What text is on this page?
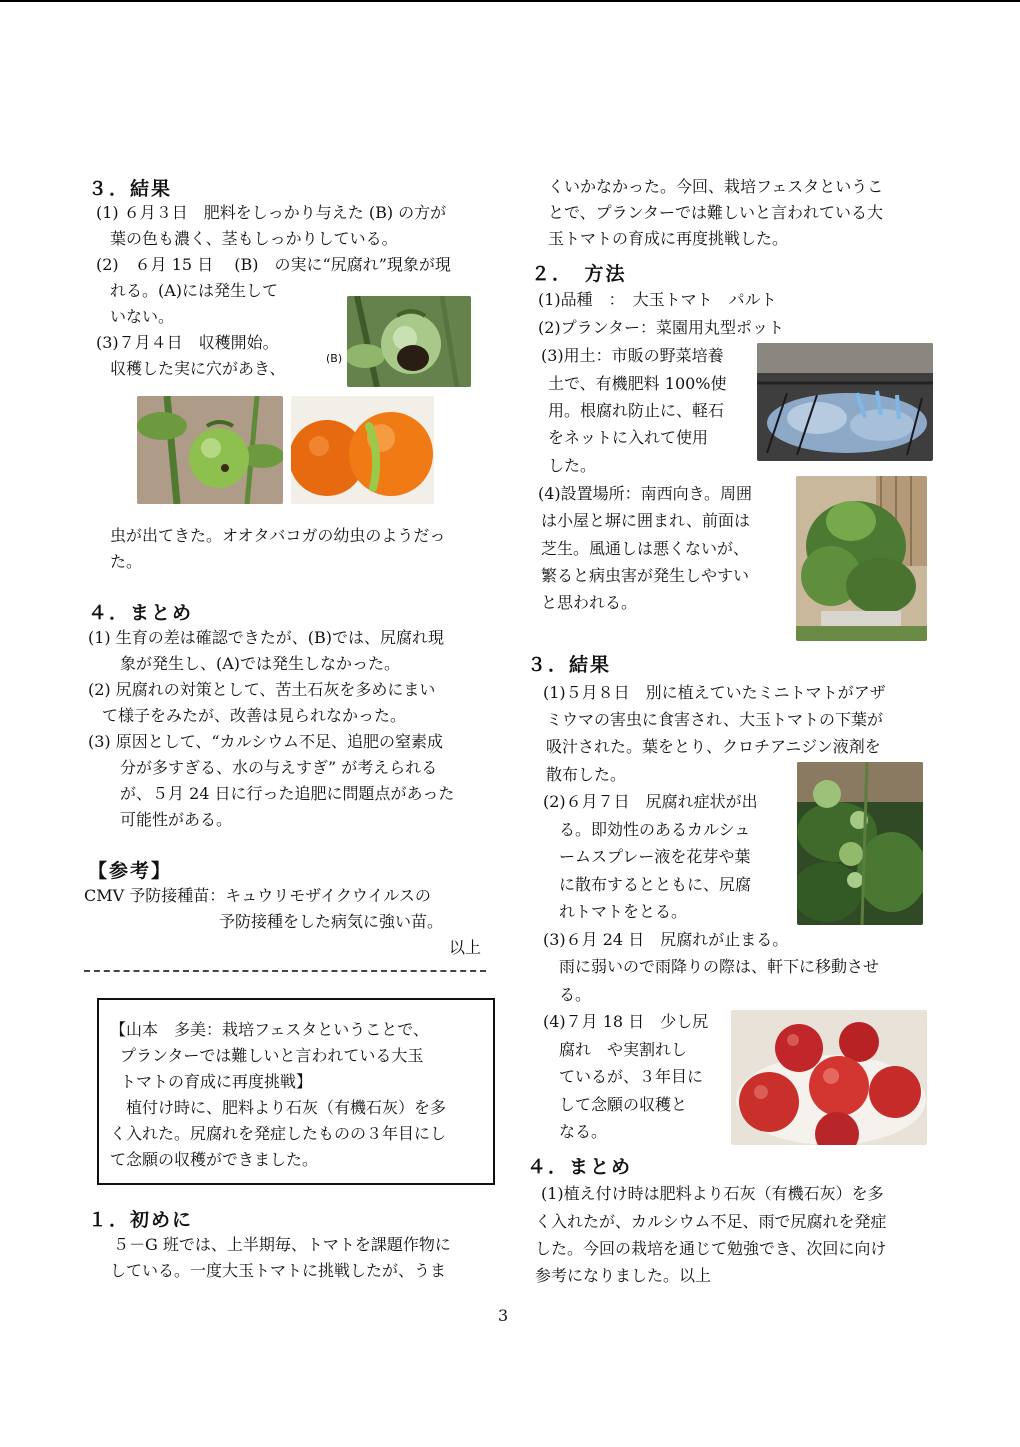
３．結果
(1) ６月３日　肥料をしっかり与えた (B) の方が
葉の色も濃く、茎もしっかりしている。
(2)　６月 15 日　 (B)　の実に“尻腐れ”現象が現
れる。(A)には発生して
いない。
(3)７月４日　収穫開始。
収穫した実に穴があき、
(B)
虫が出てきた。オオタバコガの幼虫のようだっ
た。
４．まとめ
(1) 生育の差は確認できたが、(B)では、尻腐れ現
象が発生し、(A)では発生しなかった。
(2) 尻腐れの対策として、苦土石灰を多めにまい
て様子をみたが、改善は見られなかった。
(3) 原因として、“カルシウム不足、追肥の窒素成
分が多すぎる、水の与えすぎ” が考えられる
が、５月 24 日に行った追肥に問題点があった
可能性がある。
【参考】
CMV 予防接種苗：キュウリモザイクウイルスの
予防接種をした病気に強い苗。
以上
【山本　多美：栽培フェスタということで、
プランターでは難しいと言われている大玉
トマトの育成に再度挑戦】
植付け時に、肥料より石灰（有機石灰）を多
く入れた。尻腐れを発症したものの３年目にし
て念願の収穫ができました。
１．初めに
５－G 班では、上半期毎、トマトを課題作物に
している。一度大玉トマトに挑戦したが、うま
くいかなかった。今回、栽培フェスタというこ
とで、プランターでは難しいと言われている大
玉トマトの育成に再度挑戦した。
２．　方法
(1)品種　：　大玉トマト　パルト
(2)プランター：菜園用丸型ポット
(3)用土：市販の野菜培養
土で、有機肥料 100%使
用。根腐れ防止に、軽石
をネットに入れて使用
した。
(4)設置場所：南西向き。周囲
は小屋と塀に囲まれ、前面は
芝生。風通しは悪くないが、
繁ると病虫害が発生しやすい
と思われる。
３．結果
(1)５月８日　別に植えていたミニトマトがアザ
ミウマの害虫に食害され、大玉トマトの下葉が
吸汁された。葉をとり、クロチアニジン液剤を
散布した。
(2)６月７日　尻腐れ症状が出
る。即効性のあるカルシュ
ームスプレー液を花芽や葉
に散布するとともに、尻腐
れトマトをとる。
(3)６月 24 日　尻腐れが止まる。
雨に弱いので雨降りの際は、軒下に移動させ
る。
(4)７月 18 日　少し尻
腐れ　や実割れし
ているが、３年目に
して念願の収穫と
なる。
４．まとめ
(1)植え付け時は肥料より石灰（有機石灰）を多
く入れたが、カルシウム不足、雨で尻腐れを発症
した。今回の栽培を通じて勉強でき、次回に向け
参考になりました。以上
3
